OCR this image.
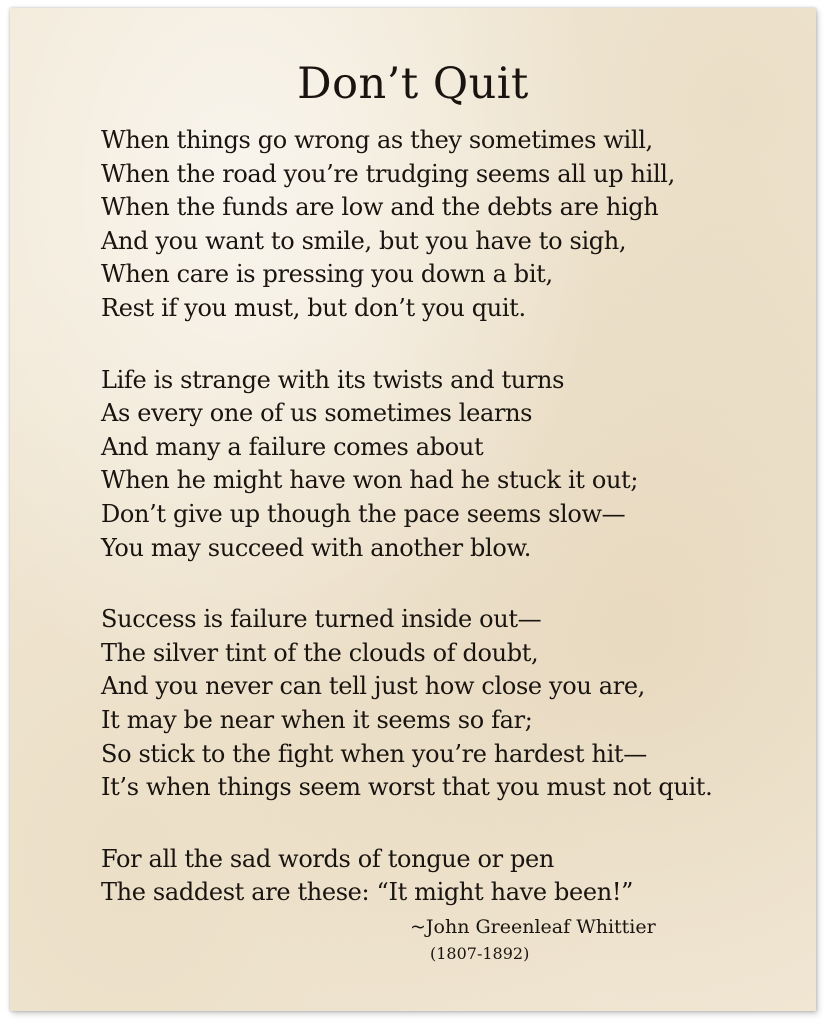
Don’t Quit
When things go wrong as they sometimes will,
When the road you’re trudging seems all up hill,
When the funds are low and the debts are high
And you want to smile, but you have to sigh,
When care is pressing you down a bit,
Rest if you must, but don’t you quit.
Life is strange with its twists and turns
As every one of us sometimes learns
And many a failure comes about
When he might have won had he stuck it out;
Don’t give up though the pace seems slow—
You may succeed with another blow.
Success is failure turned inside out—
The silver tint of the clouds of doubt,
And you never can tell just how close you are,
It may be near when it seems so far;
So stick to the fight when you’re hardest hit—
It’s when things seem worst that you must not quit.
For all the sad words of tongue or pen
The saddest are these: “It might have been!”
~John Greenleaf Whittier
(1807-1892)
